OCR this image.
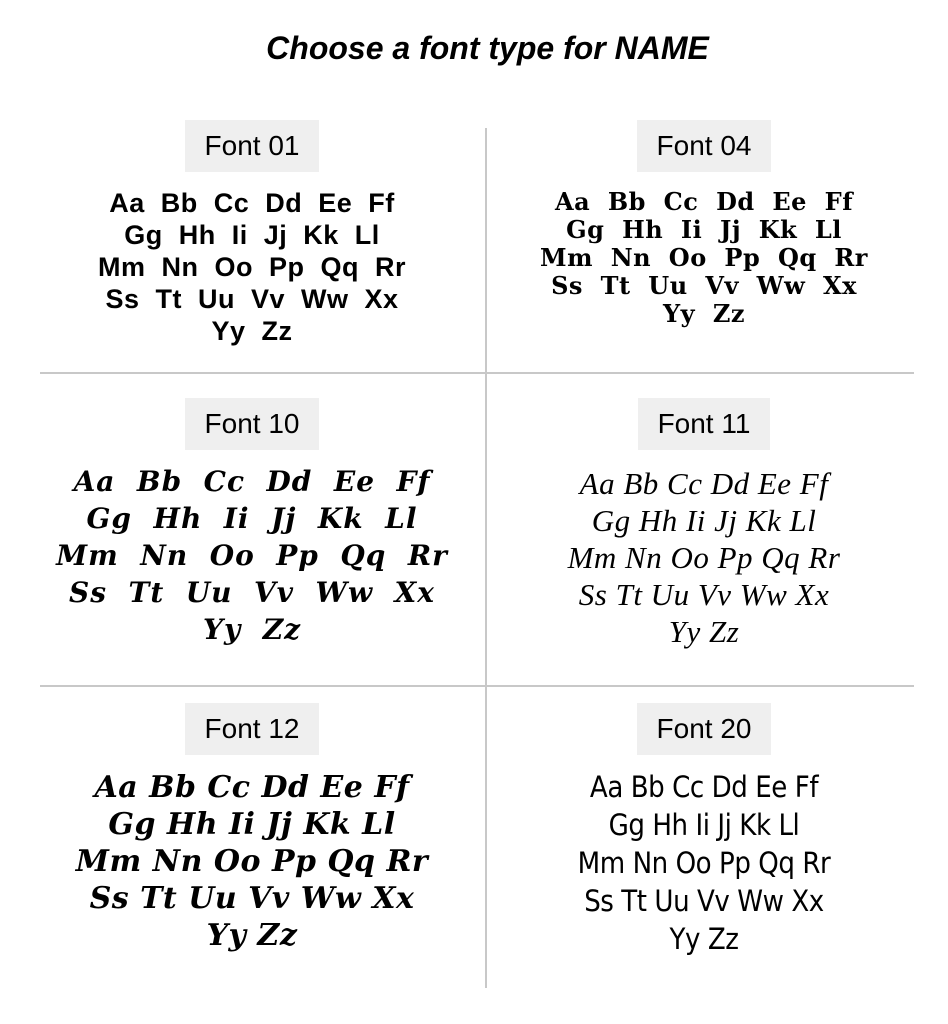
Choose a font type for NAME
Font 01
Aa  Bb  Cc  Dd  Ee  Ff
Gg  Hh  Ii  Jj  Kk  Ll
Mm  Nn  Oo  Pp  Qq  Rr
Ss  Tt  Uu  Vv  Ww  Xx
Yy  Zz
Font 04
Aa  Bb  Cc  Dd  Ee  Ff
Gg  Hh  Ii  Jj  Kk  Ll
Mm  Nn  Oo  Pp  Qq  Rr
Ss  Tt  Uu  Vv  Ww  Xx
Yy  Zz
Font 10
Aa  Bb  Cc  Dd  Ee  Ff
Gg  Hh  Ii  Jj  Kk  Ll
Mm  Nn  Oo  Pp  Qq  Rr
Ss  Tt  Uu  Vv  Ww  Xx
Yy  Zz
Font 11
Aa Bb Cc Dd Ee Ff
Gg Hh Ii Jj Kk Ll
Mm Nn Oo Pp Qq Rr
Ss Tt Uu Vv Ww Xx
Yy Zz
Font 12
Aa Bb Cc Dd Ee Ff
Gg Hh Ii Jj Kk Ll
Mm Nn Oo Pp Qq Rr
Ss Tt Uu Vv Ww Xx
Yy Zz
Font 20
Aa Bb Cc Dd Ee Ff
Gg Hh Ii Jj Kk Ll
Mm Nn Oo Pp Qq Rr
Ss Tt Uu Vv Ww Xx
Yy Zz
